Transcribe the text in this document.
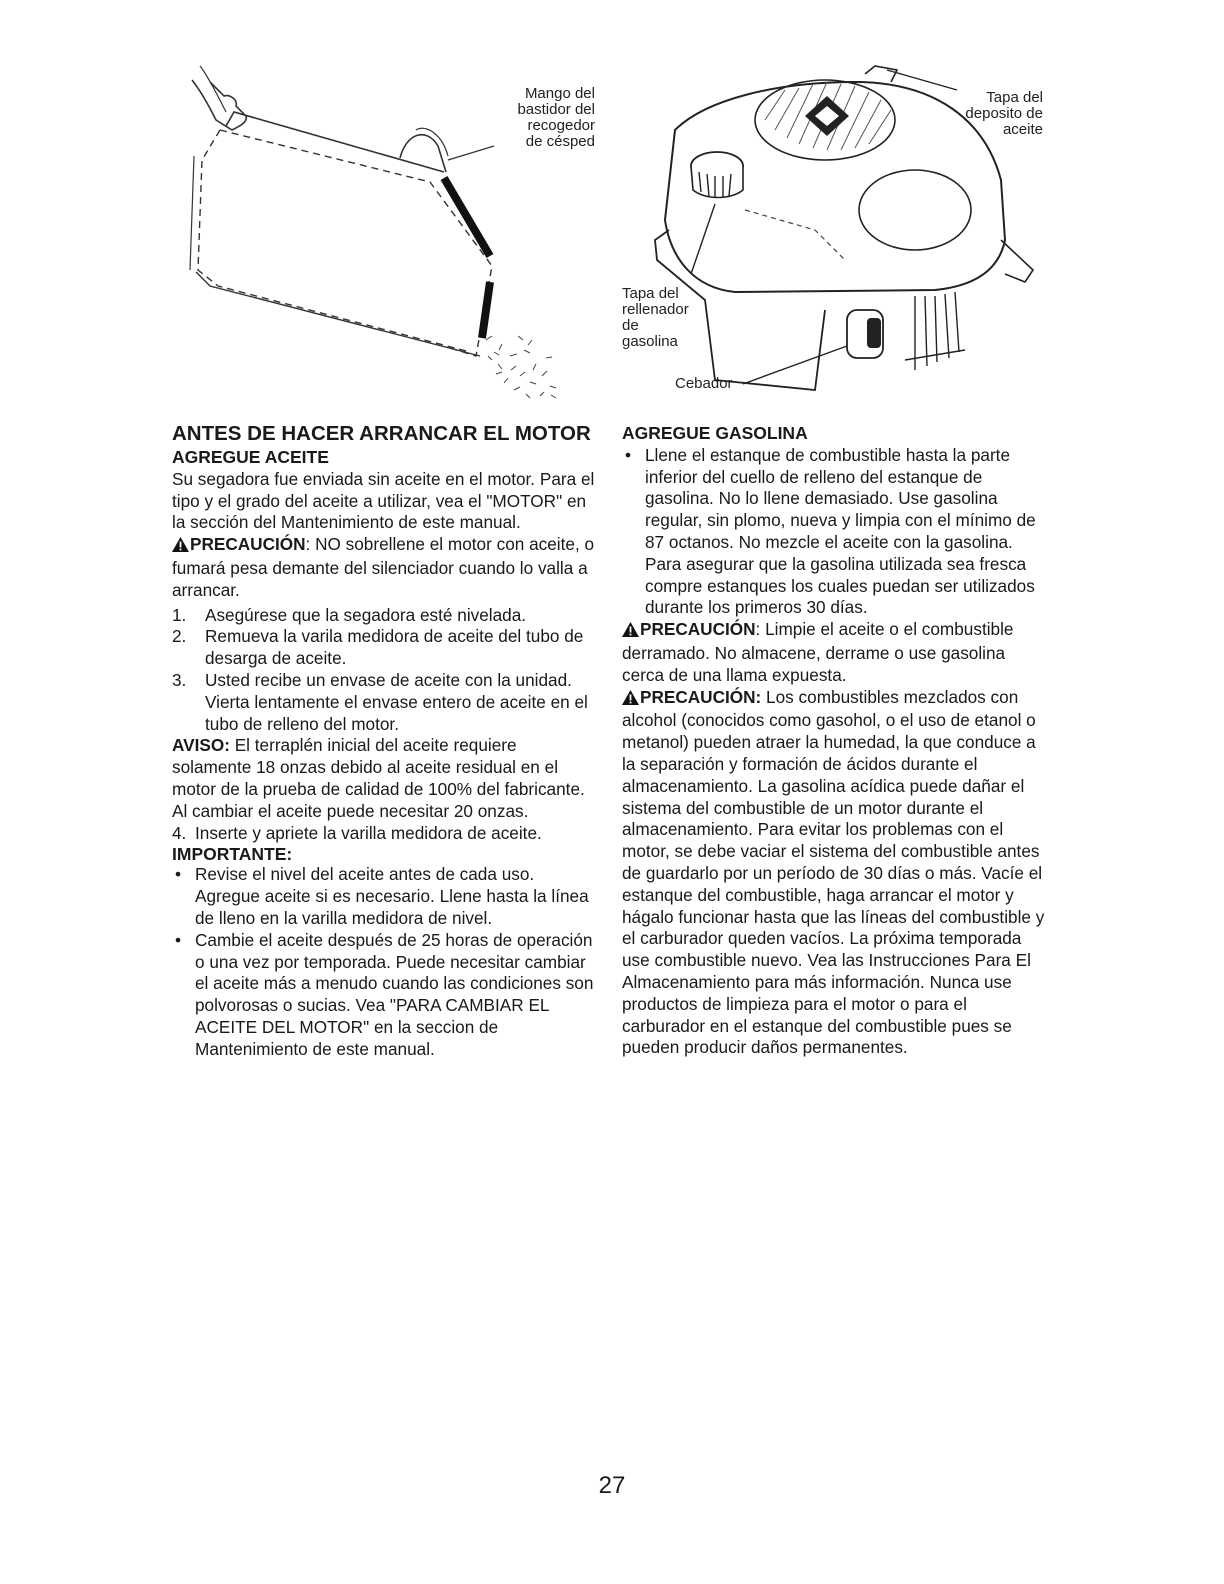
Mango del
bastidor del
recogedor
de césped
Tapa del
deposito de
aceite
Tapa del
rellenador
de
gasolina
Cebador

ANTES DE HACER ARRANCAR EL MOTOR

AGREGUE ACEITE

Su segadora fue enviada sin aceite en el motor. Para el tipo y el grado del aceite a utilizar, vea el "MOTOR" en la sección del Mantenimiento de este manual.

PRECAUCIÓN: NO sobrellene el motor con aceite, o fumará pesa demante del silenciador cuando lo valla a arrancar.

1. Asegúrese que la segadora esté nivelada.

2. Remueva la varila medidora de aceite del tubo de desarga de aceite.

3. Usted recibe un envase de aceite con la unidad. Vierta lentamente el envase entero de aceite en el tubo de relleno del motor.

AVISO: El terraplén inicial del aceite requiere solamente 18 onzas debido al aceite residual en el motor de la prueba de calidad de 100% del fabricante. Al cambiar el aceite puede necesitar 20 onzas.

4. Inserte y apriete la varilla medidora de aceite.

IMPORTANTE:

• Revise el nivel del aceite antes de cada uso. Agregue aceite si es necesario. Llene hasta la línea de lleno en la varilla medidora de nivel.

• Cambie el aceite después de 25 horas de operación o una vez por temporada. Puede necesitar cambiar el aceite más a menudo cuando las condiciones son polvorosas o sucias. Vea "PARA CAMBIAR EL ACEITE DEL MOTOR" en la seccion de Mantenimiento de este manual.

AGREGUE GASOLINA

• Llene el estanque de combustible hasta la parte inferior del cuello de relleno del estanque de gasolina. No lo llene demasiado. Use gasolina regular, sin plomo, nueva y limpia con el mínimo de 87 octanos. No mezcle el aceite con la gasolina. Para asegurar que la gasolina utilizada sea fresca compre estanques los cuales puedan ser utilizados durante los primeros 30 días.

PRECAUCIÓN: Limpie el aceite o el combustible derramado. No almacene, derrame o use gasolina cerca de una llama expuesta.

PRECAUCIÓN: Los combustibles mezclados con alcohol (conocidos como gasohol, o el uso de etanol o metanol) pueden atraer la humedad, la que conduce a la separación y formación de ácidos durante el almacenamiento. La gasolina acídica puede dañar el sistema del combustible de un motor durante el almacenamiento. Para evitar los problemas con el motor, se debe vaciar el sistema del combustible antes de guardarlo por un período de 30 días o más. Vacíe el estanque del combustible, haga arrancar el motor y hágalo funcionar hasta que las líneas del combustible y el carburador queden vacíos. La próxima temporada use combustible nuevo. Vea las Instrucciones Para El Almacenamiento para más información. Nunca use productos de limpieza para el motor o para el carburador en el estanque del combustible pues se pueden producir daños permanentes.

27
